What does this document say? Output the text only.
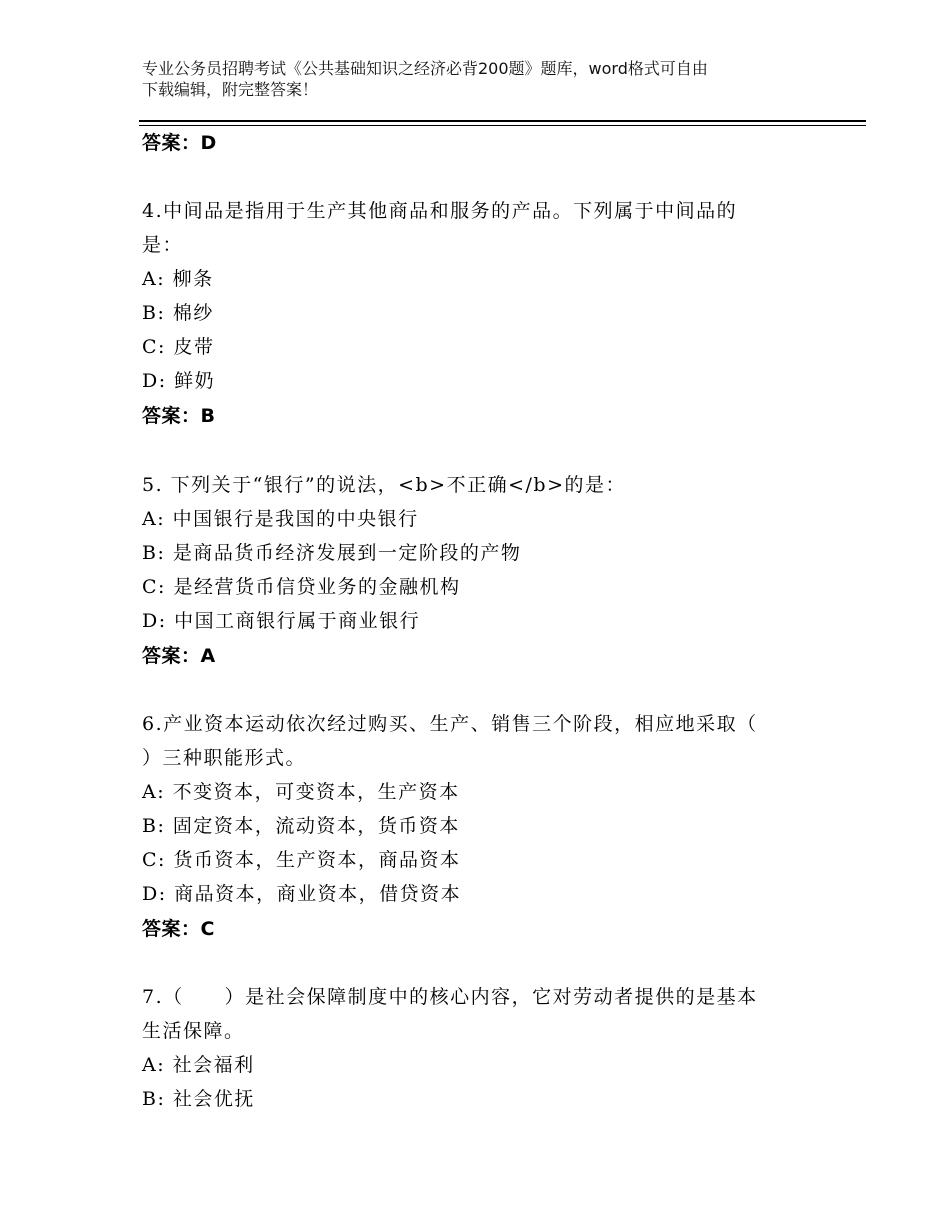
专业公务员招聘考试《公共基础知识之经济必背200题》题库，word格式可自由
下载编辑，附完整答案！
答案：D
4.中间品是指用于生产其他商品和服务的产品。下列属于中间品的
是：
A: 柳条
B: 棉纱
C: 皮带
D: 鲜奶
答案：B
5. 下列关于“银行”的说法，<b>不正确</b>的是：
A: 中国银行是我国的中央银行
B: 是商品货币经济发展到一定阶段的产物
C: 是经营货币信贷业务的金融机构
D: 中国工商银行属于商业银行
答案：A
6.产业资本运动依次经过购买、生产、销售三个阶段，相应地采取（
）三种职能形式。
A: 不变资本，可变资本，生产资本
B: 固定资本，流动资本，货币资本
C: 货币资本，生产资本，商品资本
D: 商品资本，商业资本，借贷资本
答案：C
7.（　　）是社会保障制度中的核心内容，它对劳动者提供的是基本
生活保障。
A: 社会福利
B: 社会优抚
